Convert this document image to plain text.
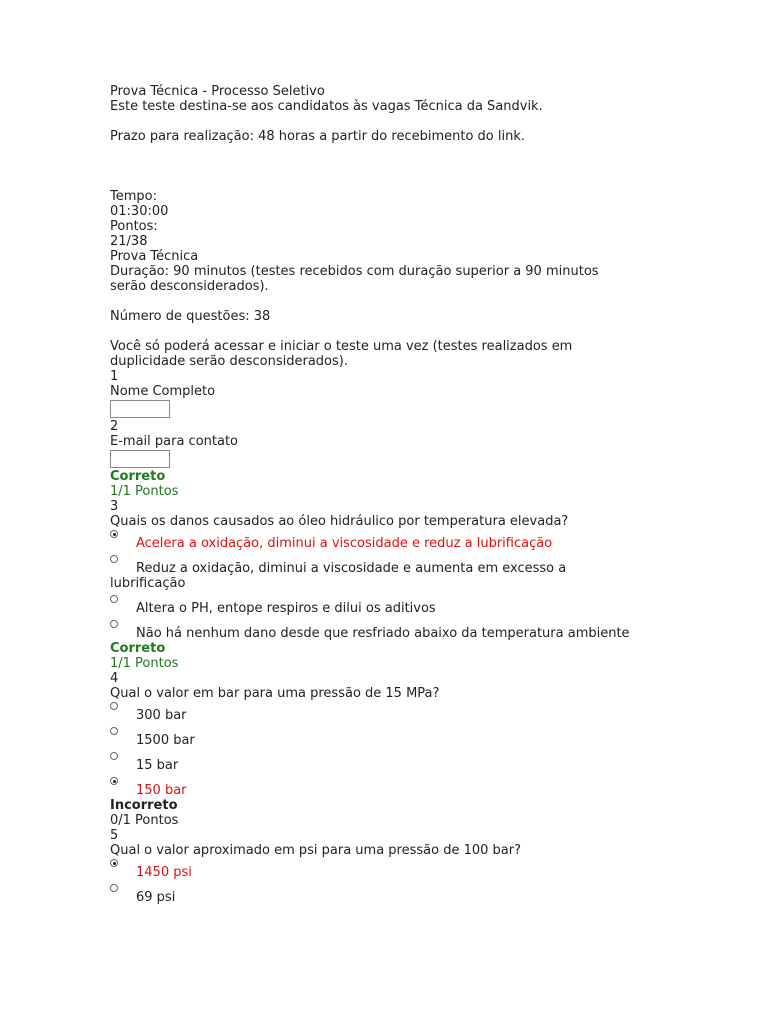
Prova Técnica - Processo Seletivo
Este teste destina-se aos candidatos às vagas Técnica da Sandvik.
Prazo para realização: 48 horas a partir do recebimento do link.
Tempo:
01:30:00
Pontos:
21/38
Prova Técnica
Duração: 90 minutos (testes recebidos com duração superior a 90 minutos
serão desconsiderados).
Número de questões: 38
Você só poderá acessar e iniciar o teste uma vez (testes realizados em
duplicidade serão desconsiderados).
1
Nome Completo
2
E-mail para contato
Correto
1/1 Pontos
3
Quais os danos causados ao óleo hidráulico por temperatura elevada?
Acelera a oxidação, diminui a viscosidade e reduz a lubrificação
Reduz a oxidação, diminui a viscosidade e aumenta em excesso a
lubrificação
Altera o PH, entope respiros e dilui os aditivos
Não há nenhum dano desde que resfriado abaixo da temperatura ambiente
Correto
1/1 Pontos
4
Qual o valor em bar para uma pressão de 15 MPa?
300 bar
1500 bar
15 bar
150 bar
Incorreto
0/1 Pontos
5
Qual o valor aproximado em psi para uma pressão de 100 bar?
1450 psi
69 psi
